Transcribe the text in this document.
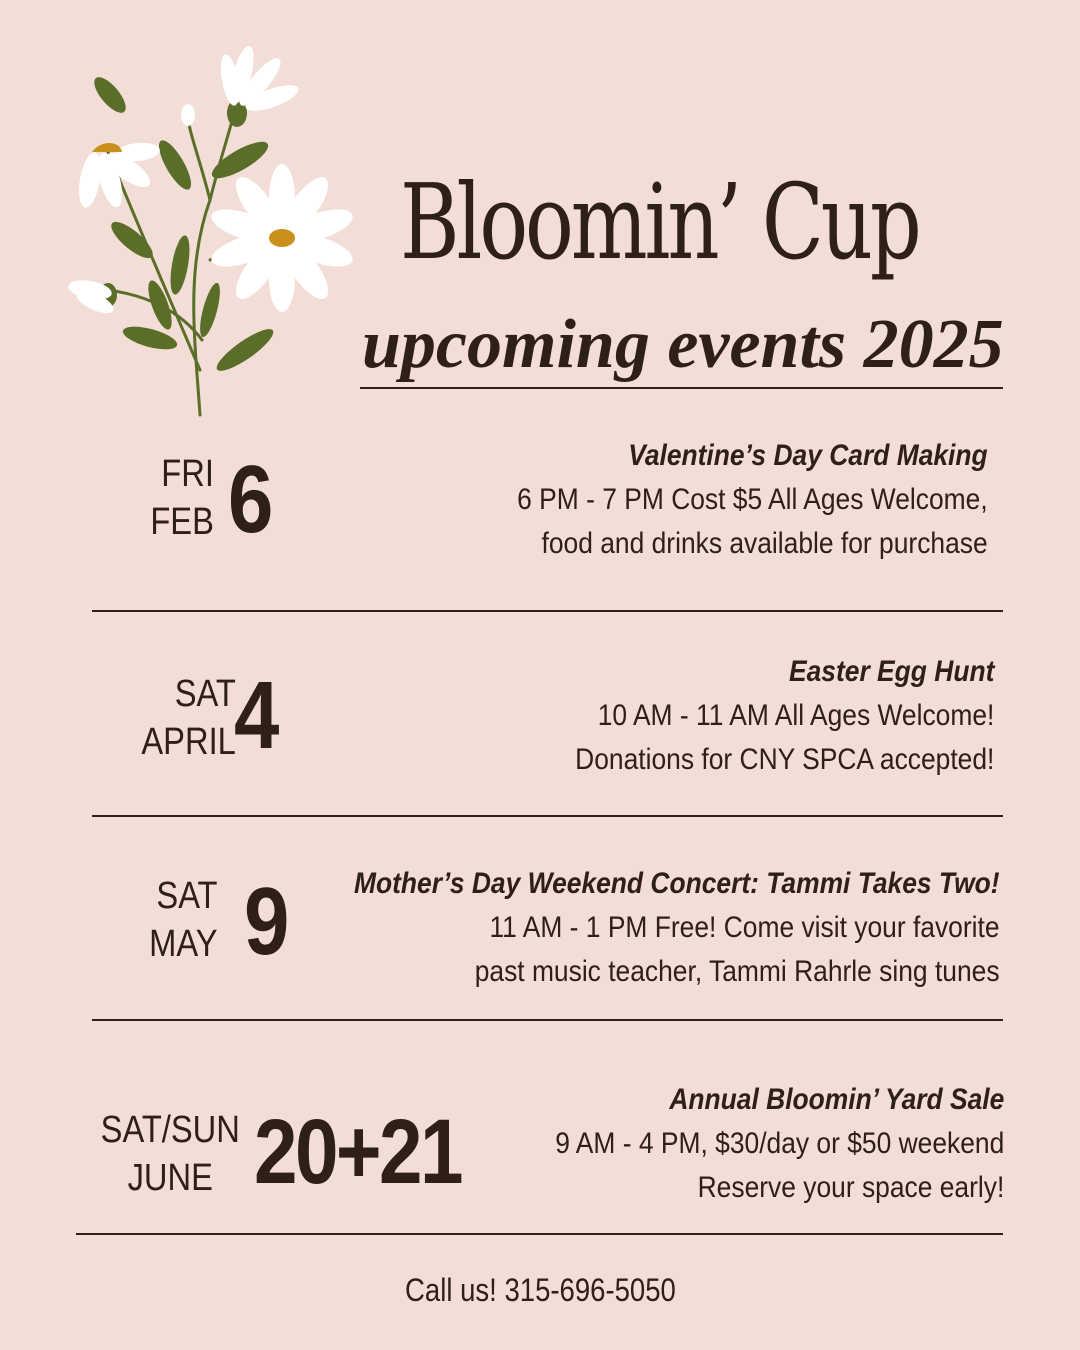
Bloomin’ Cup
upcoming events 2025
FRI
FEB 6	Valentine’s Day Card Making
6 PM - 7 PM Cost $5 All Ages Welcome,
food and drinks available for purchase
SAT
APRIL
4	Easter Egg Hunt
10 AM - 11 AM All Ages Welcome!
Donations for CNY SPCA accepted!
SAT
MAY 9 Mother’s Day Weekend Concert: Tammi Takes Two!
11 AM - 1 PM Free! Come visit your favorite
past music teacher, Tammi Rahrle sing tunes
SAT/SUN
JUNE 20+21
Annual Bloomin’ Yard Sale
9 AM - 4 PM, $30/day or $50 weekend
Reserve your space early!
Call us! 315-696-5050
